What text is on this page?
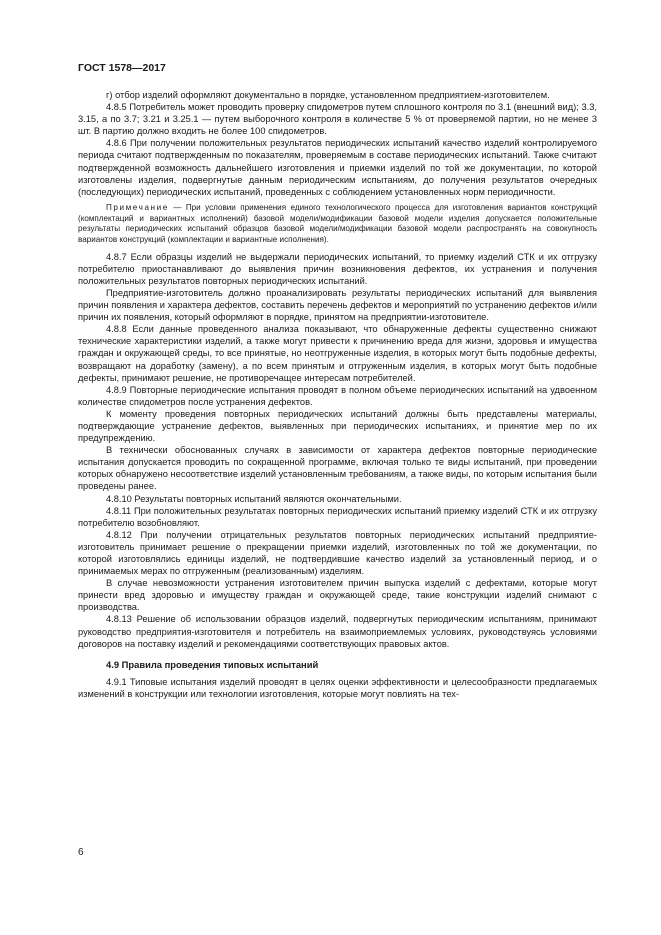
ГОСТ 1578—2017

г) отбор изделий оформляют документально в порядке, установленном предприятием-изготовителем.

4.8.5 Потребитель может проводить проверку спидометров путем сплошного контроля по 3.1 (внешний вид); 3.3, 3.15, а по 3.7; 3.21 и 3.25.1 — путем выборочного контроля в количестве 5 % от проверяемой партии, но не менее 3 шт. В партию должно входить не более 100 спидометров.

4.8.6 При получении положительных результатов периодических испытаний качество изделий контролируемого периода считают подтвержденным по показателям, проверяемым в составе периодических испытаний. Также считают подтвержденной возможность дальнейшего изготовления и приемки изделий по той же документации, по которой изготовлены изделия, подвергнутые данным периодическим испытаниям, до получения результатов очередных (последующих) периодических испытаний, проведенных с соблюдением установленных норм периодичности.

Примечание — При условии применения единого технологического процесса для изготовления вариантов конструкций (комплектаций и вариантных исполнений) базовой модели/модификации базовой модели изделия допускается положительные результаты периодических испытаний образцов базовой модели/модификации базовой модели распространять на совокупность вариантов конструкций (комплектации и вариантные исполнения).

4.8.7 Если образцы изделий не выдержали периодических испытаний, то приемку изделий СТК и их отгрузку потребителю приостанавливают до выявления причин возникновения дефектов, их устранения и получения положительных результатов повторных периодических испытаний.

Предприятие-изготовитель должно проанализировать результаты периодических испытаний для выявления причин появления и характера дефектов, составить перечень дефектов и мероприятий по устранению дефектов и/или причин их появления, который оформляют в порядке, принятом на предприятии-изготовителе.

4.8.8 Если данные проведенного анализа показывают, что обнаруженные дефекты существенно снижают технические характеристики изделий, а также могут привести к причинению вреда для жизни, здоровья и имущества граждан и окружающей среды, то все принятые, но неотгруженные изделия, в которых могут быть подобные дефекты, возвращают на доработку (замену), а по всем принятым и отгруженным изделия, в которых могут быть подобные дефекты, принимают решение, не противоречащее интересам потребителей.

4.8.9 Повторные периодические испытания проводят в полном объеме периодических испытаний на удвоенном количестве спидометров после устранения дефектов.

К моменту проведения повторных периодических испытаний должны быть представлены материалы, подтверждающие устранение дефектов, выявленных при периодических испытаниях, и принятие мер по их предупреждению.

В технически обоснованных случаях в зависимости от характера дефектов повторные периодические испытания допускается проводить по сокращенной программе, включая только те виды испытаний, при проведении которых обнаружено несоответствие изделий установленным требованиям, а также виды, по которым испытания были проведены ранее.

4.8.10 Результаты повторных испытаний являются окончательными.

4.8.11 При положительных результатах повторных периодических испытаний приемку изделий СТК и их отгрузку потребителю возобновляют.

4.8.12 При получении отрицательных результатов повторных периодических испытаний предприятие-изготовитель принимает решение о прекращении приемки изделий, изготовленных по той же документации, по которой изготовлялись единицы изделий, не подтвердившие качество изделий за установленный период, и о принимаемых мерах по отгруженным (реализованным) изделиям.

В случае невозможности устранения изготовителем причин выпуска изделий с дефектами, которые могут принести вред здоровью и имуществу граждан и окружающей среде, такие конструкции изделий снимают с производства.

4.8.13 Решение об использовании образцов изделий, подвергнутых периодическим испытаниям, принимают руководство предприятия-изготовителя и потребитель на взаимоприемлемых условиях, руководствуясь условиями договоров на поставку изделий и рекомендациями соответствующих правовых актов.

4.9 Правила проведения типовых испытаний

4.9.1 Типовые испытания изделий проводят в целях оценки эффективности и целесообразности предлагаемых изменений в конструкции или технологии изготовления, которые могут повлиять на тех-

6
